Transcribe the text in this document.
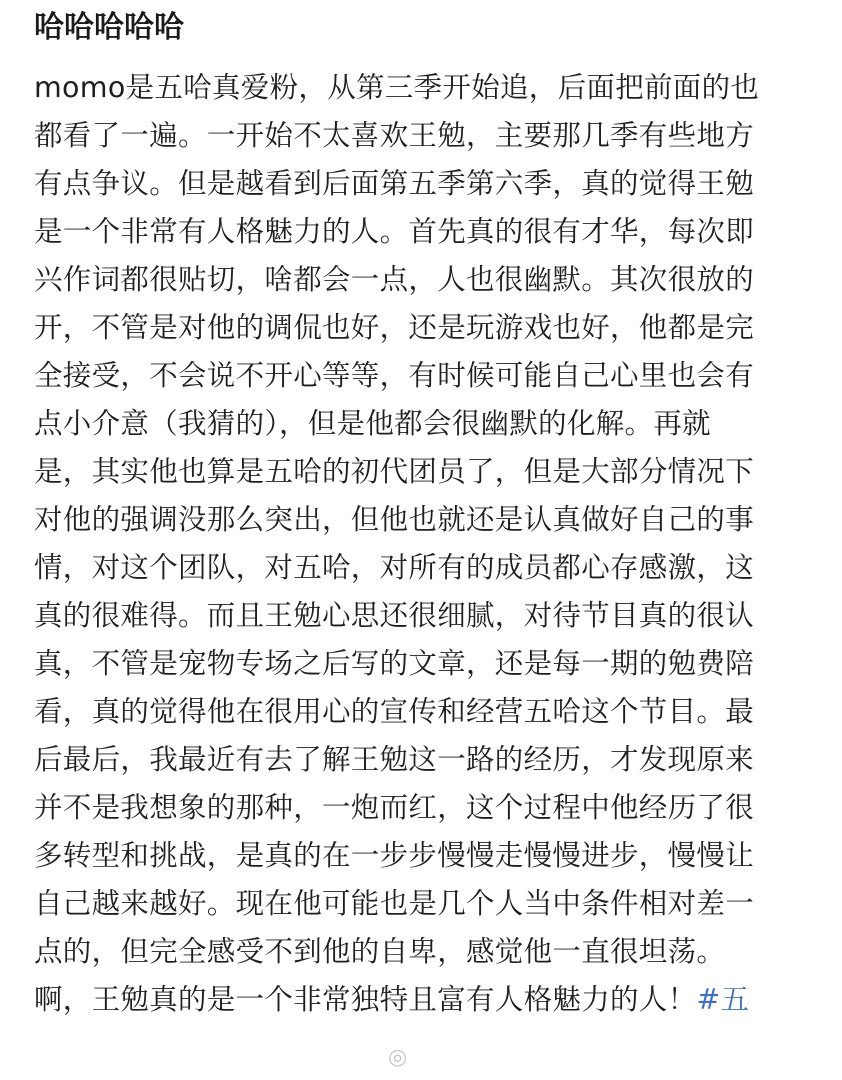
哈哈哈哈哈
momo是五哈真爱粉，从第三季开始追，后面把前面的也
都看了一遍。一开始不太喜欢王勉，主要那几季有些地方
有点争议。但是越看到后面第五季第六季，真的觉得王勉
是一个非常有人格魅力的人。首先真的很有才华，每次即
兴作词都很贴切，啥都会一点，人也很幽默。其次很放的
开，不管是对他的调侃也好，还是玩游戏也好，他都是完
全接受，不会说不开心等等，有时候可能自己心里也会有
点小介意（我猜的），但是他都会很幽默的化解。再就
是，其实他也算是五哈的初代团员了，但是大部分情况下
对他的强调没那么突出，但他也就还是认真做好自己的事
情，对这个团队，对五哈，对所有的成员都心存感激，这
真的很难得。而且王勉心思还很细腻，对待节目真的很认
真，不管是宠物专场之后写的文章，还是每一期的勉费陪
看，真的觉得他在很用心的宣传和经营五哈这个节目。最
后最后，我最近有去了解王勉这一路的经历，才发现原来
并不是我想象的那种，一炮而红，这个过程中他经历了很
多转型和挑战，是真的在一步步慢慢走慢慢进步，慢慢让
自己越来越好。现在他可能也是几个人当中条件相对差一
点的，但完全感受不到他的自卑，感觉他一直很坦荡。
啊，王勉真的是一个非常独特且富有人格魅力的人！#五
◎
